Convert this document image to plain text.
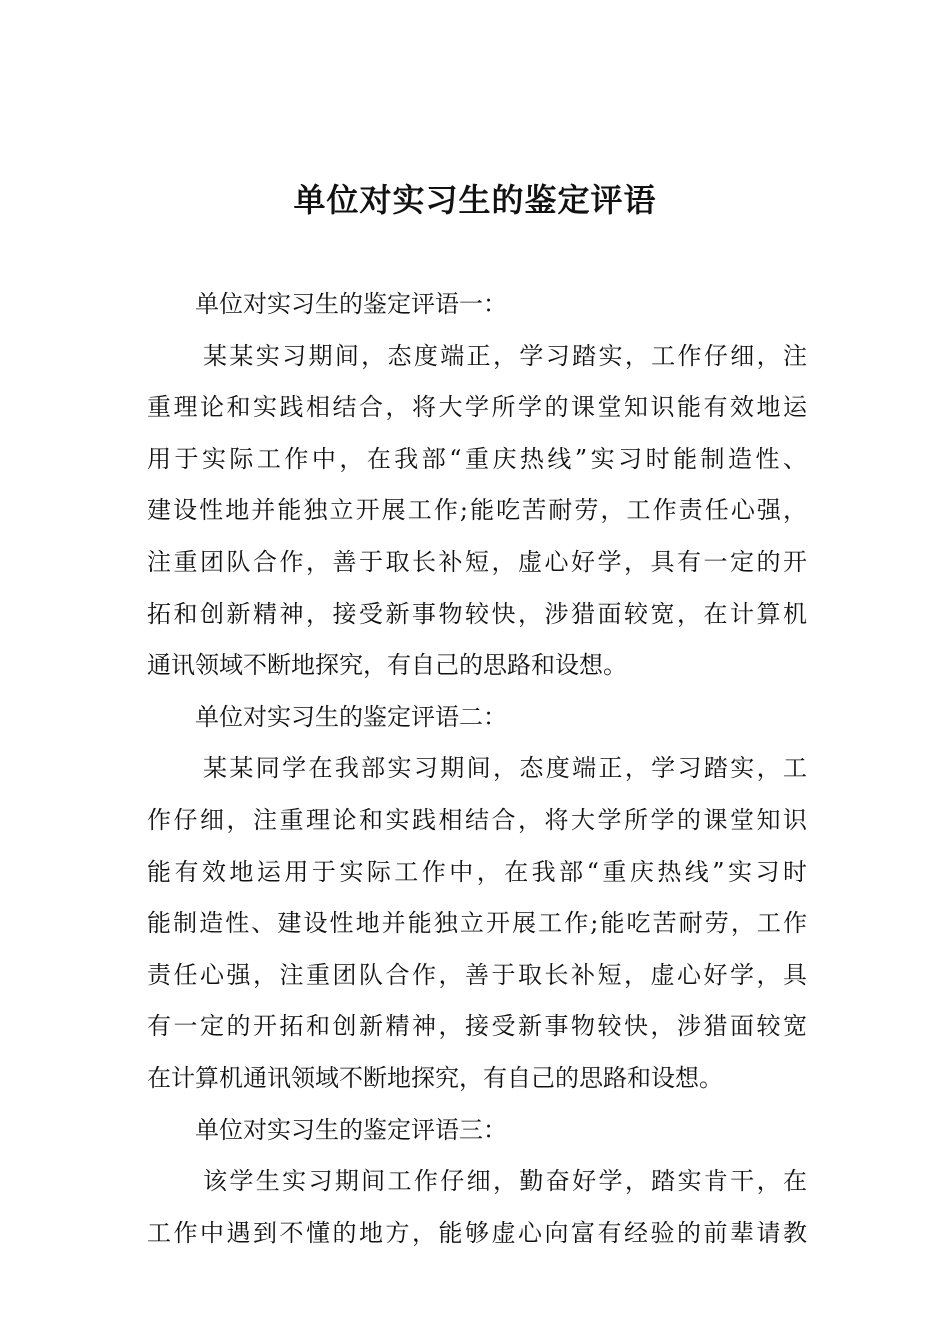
单位对实习生的鉴定评语
单位对实习生的鉴定评语一：
某某实习期间，态度端正，学习踏实，工作仔细，注
重理论和实践相结合，将大学所学的课堂知识能有效地运
用于实际工作中，在我部“重庆热线”实习时能制造性、
建设性地并能独立开展工作;能吃苦耐劳，工作责任心强，
注重团队合作，善于取长补短，虚心好学，具有一定的开
拓和创新精神，接受新事物较快，涉猎面较宽，在计算机
通讯领域不断地探究，有自己的思路和设想。
单位对实习生的鉴定评语二：
某某同学在我部实习期间，态度端正，学习踏实，工
作仔细，注重理论和实践相结合，将大学所学的课堂知识
能有效地运用于实际工作中，在我部“重庆热线”实习时
能制造性、建设性地并能独立开展工作;能吃苦耐劳，工作
责任心强，注重团队合作，善于取长补短，虚心好学，具
有一定的开拓和创新精神，接受新事物较快，涉猎面较宽
在计算机通讯领域不断地探究，有自己的思路和设想。
单位对实习生的鉴定评语三：
该学生实习期间工作仔细，勤奋好学，踏实肯干，在
工作中遇到不懂的地方，能够虚心向富有经验的前辈请教
